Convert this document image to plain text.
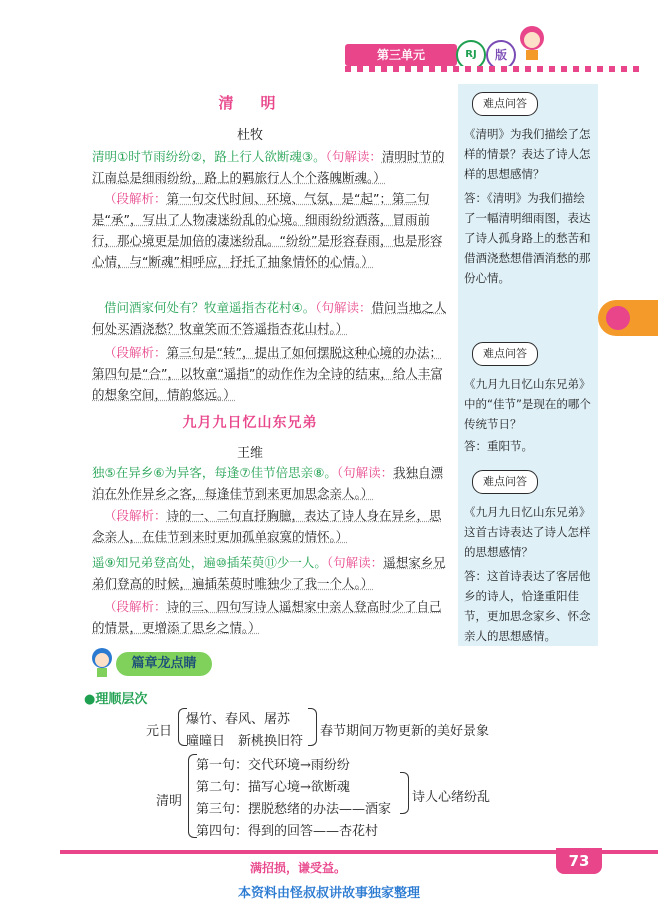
第三单元	RJ	版
清　明
杜牧
清明①时节雨纷纷②，路上行人欲断魂③。（句解读：清明时节的江南总是细雨纷纷，路上的羁旅行人个个落魄断魂。）
（段解析：第一句交代时间、环境、气氛，是“起”；第二句是“承”，写出了人物凄迷纷乱的心境。细雨纷纷洒落，冒雨前行，那心境更是加倍的凄迷纷乱。“纷纷”是形容春雨，也是形容心情，与“断魂”相呼应，抒托了抽象情怀的心情。）
借问酒家何处有？牧童遥指杏花村④。（句解读：借问当地之人何处买酒浇愁？牧童笑而不答遥指杏花山村。）
（段解析：第三句是“转”，提出了如何摆脱这种心境的办法；第四句是“合”，以牧童“遥指”的动作作为全诗的结束，给人丰富的想象空间，情韵悠远。）
九月九日忆山东兄弟
王维
独⑤在异乡⑥为异客，每逢⑦佳节倍思亲⑧。（句解读：我独自漂泊在外作异乡之客，每逢佳节到来更加思念亲人。）
（段解析：诗的一、二句直抒胸臆，表达了诗人身在异乡，思念亲人，在佳节到来时更加孤单寂寞的情怀。）
遥⑨知兄弟登高处，遍⑩插茱萸⑪少一人。（句解读：遥想家乡兄弟们登高的时候，遍插茱萸时唯独少了我一个人。）
（段解析：诗的三、四句写诗人遥想家中亲人登高时少了自己的情景，更增添了思乡之情。）
难点问答
《清明》为我们描绘了怎样的情景？表达了诗人怎样的思想感情？
答：《清明》为我们描绘了一幅清明细雨图，表达了诗人孤身路上的愁苦和借酒浇愁想借酒消愁的那份心情。
难点问答
《九月九日忆山东兄弟》中的“佳节”是现在的哪个传统节日？
答：重阳节。
难点问答
《九月九日忆山东兄弟》这首古诗表达了诗人怎样的思想感情？
答：这首诗表达了客居他乡的诗人，恰逢重阳佳节，更加思念家乡、怀念亲人的思想感情。
篇章龙点睛
●理顺层次
元日
爆竹、春风、屠苏
曈曈日　新桃换旧符
春节期间万物更新的美好景象
清明
第一句：交代环境→雨纷纷
第二句：描写心境→欲断魂
第三句：摆脱愁绪的办法——酒家
第四句：得到的回答——杏花村
诗人心绪纷乱
满招损，谦受益。	73
本资料由怪叔叔讲故事独家整理
